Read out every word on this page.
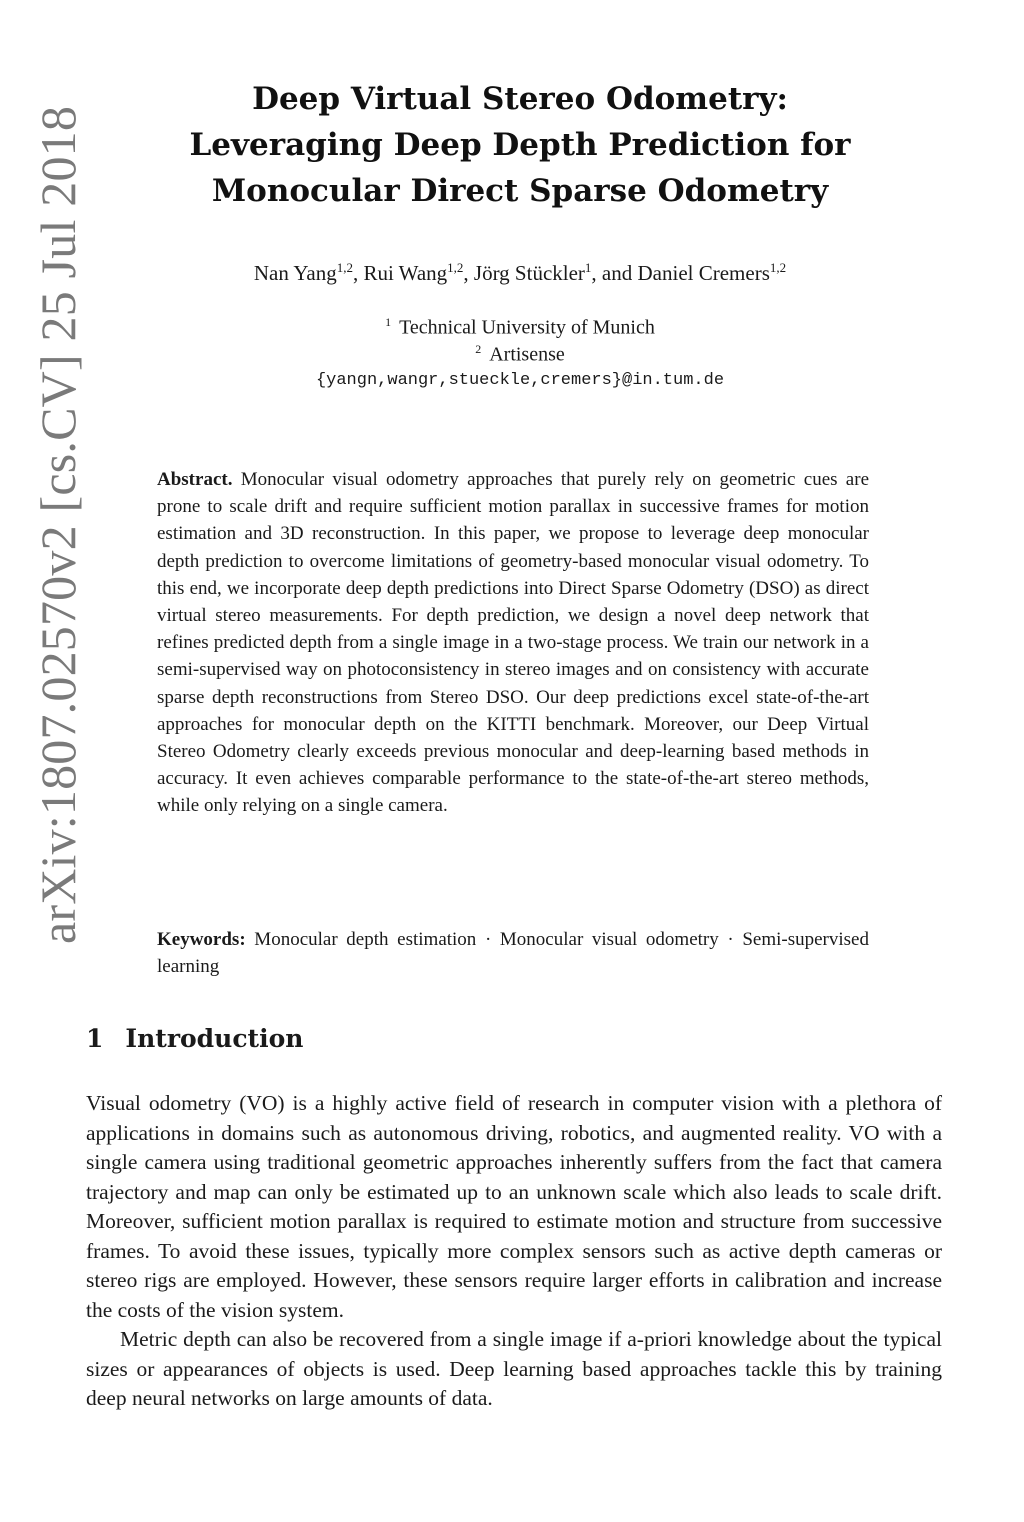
arXiv:1807.02570v2 [cs.CV] 25 Jul 2018
Deep Virtual Stereo Odometry:
Leveraging Deep Depth Prediction for
Monocular Direct Sparse Odometry
Nan Yang$^{1,2}$, Rui Wang$^{1,2}$, Jörg Stückler$^1$, and Daniel Cremers$^{1,2}$
$^1$ Technical University of Munich
$^2$ Artisense
{yangn,wangr,stueckle,cremers}@in.tum.de
Abstract. Monocular visual odometry approaches that purely rely on geometric cues are prone to scale drift and require sufficient motion parallax in successive frames for motion estimation and 3D reconstruction. In this paper, we propose to leverage deep monocular depth prediction to overcome limitations of geometry-based monocular visual odometry. To this end, we incorporate deep depth predictions into Direct Sparse Odometry (DSO) as direct virtual stereo measurements. For depth prediction, we design a novel deep network that refines predicted depth from a single image in a two-stage process. We train our network in a semi-supervised way on photoconsistency in stereo images and on consistency with accurate sparse depth reconstructions from Stereo DSO. Our deep predictions excel state-of-the-art approaches for monocular depth on the KITTI benchmark. Moreover, our Deep Virtual Stereo Odometry clearly exceeds previous monocular and deep-learning based methods in accuracy. It even achieves comparable performance to the state-of-the-art stereo methods, while only relying on a single camera.
Keywords: Monocular depth estimation · Monocular visual odometry · Semi-supervised learning
1 Introduction

Visual odometry (VO) is a highly active field of research in computer vision with a plethora of applications in domains such as autonomous driving, robotics, and augmented reality. VO with a single camera using traditional geometric approaches inherently suffers from the fact that camera trajectory and map can only be estimated up to an unknown scale which also leads to scale drift. Moreover, sufficient motion parallax is required to estimate motion and structure from successive frames. To avoid these issues, typically more complex sensors such as active depth cameras or stereo rigs are employed. However, these sensors require larger efforts in calibration and increase the costs of the vision system.

Metric depth can also be recovered from a single image if a-priori knowledge about the typical sizes or appearances of objects is used. Deep learning based approaches tackle this by training deep neural networks on large amounts of data.
